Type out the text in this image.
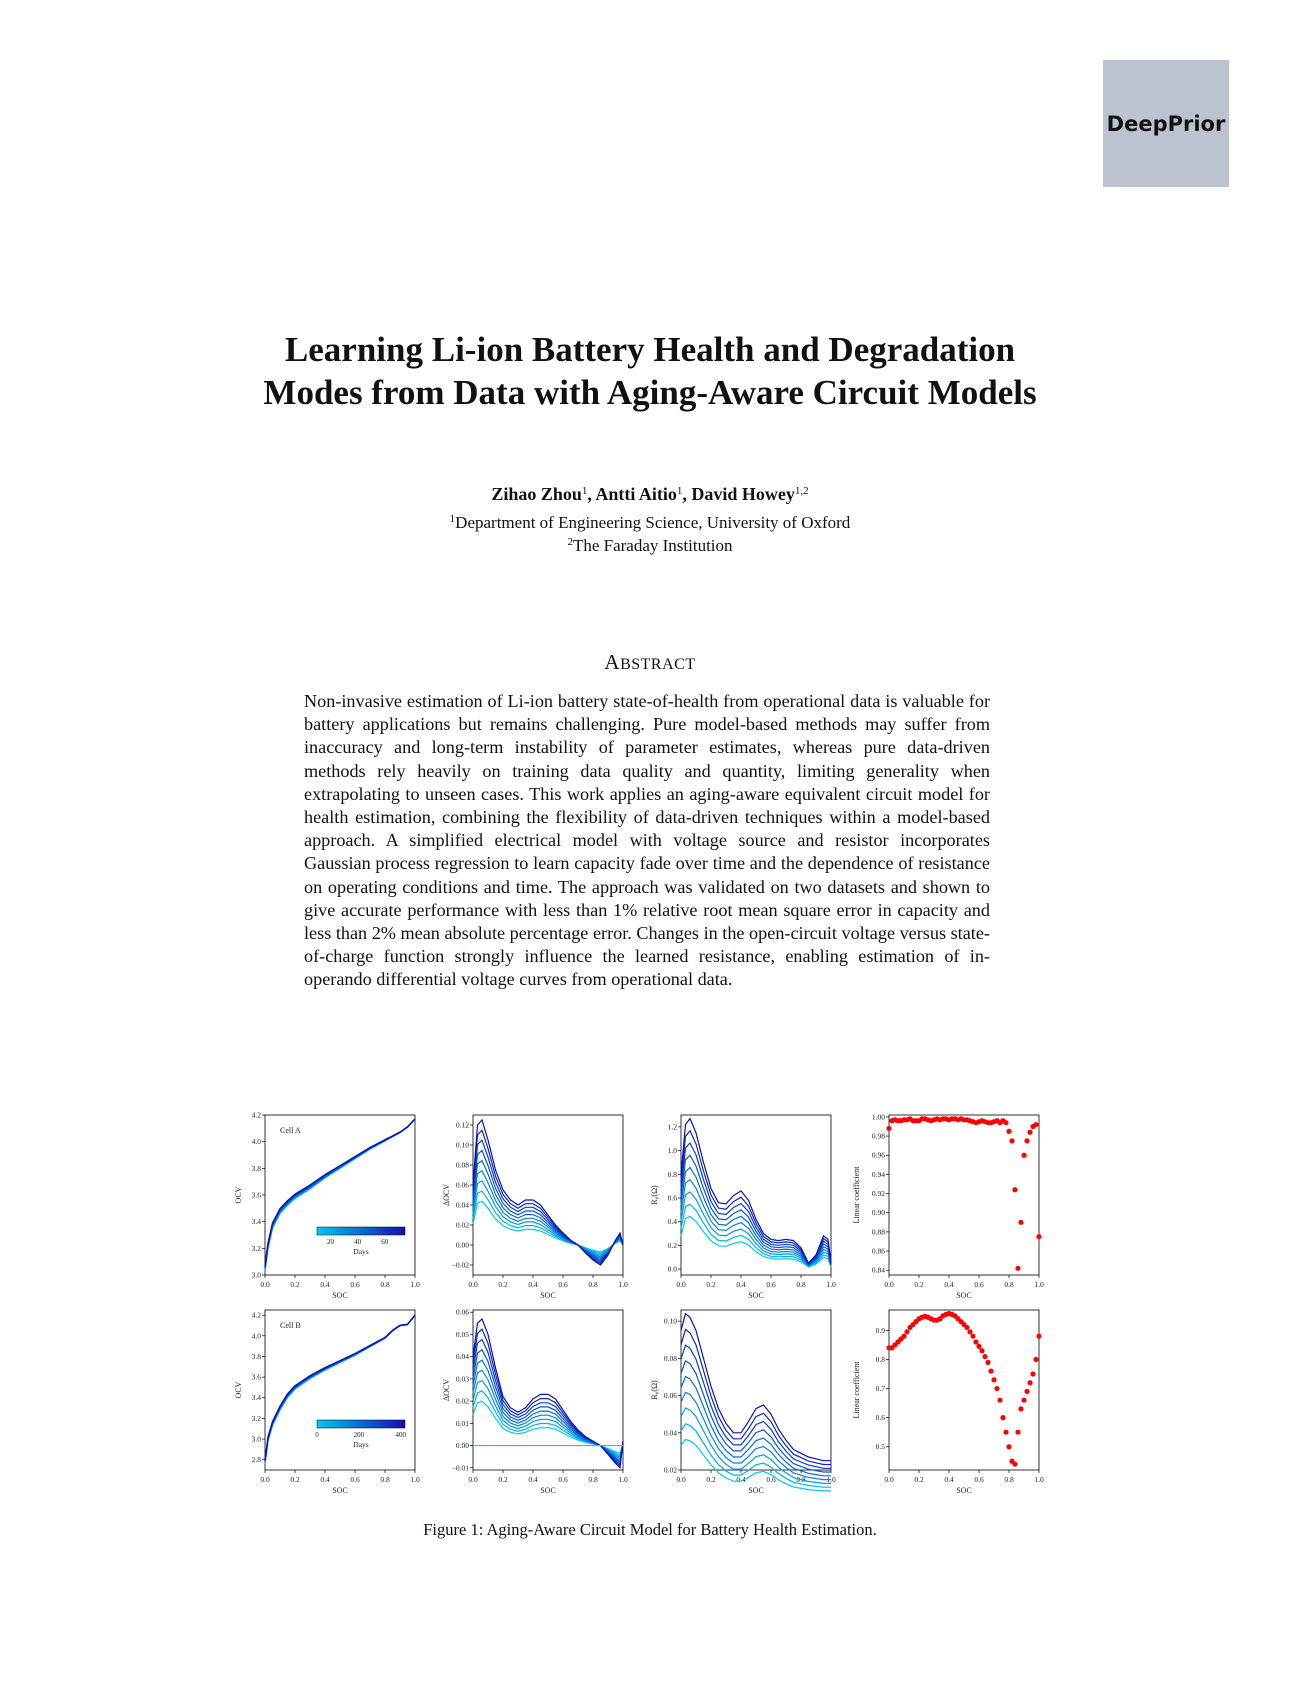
DeepPrior
Learning Li-ion Battery Health and Degradation
Modes from Data with Aging-Aware Circuit Models
Zihao Zhou$^1$, Antti Aitio$^1$, David Howey$^{1,2}$
$^1$Department of Engineering Science, University of Oxford
$^2$The Faraday Institution
ABSTRACT
Non-invasive estimation of Li-ion battery state-of-health from operational data is valuable for battery applications but remains challenging. Pure model-based methods may suffer from inaccuracy and long-term instability of parameter estimates, whereas pure data-driven methods rely heavily on training data quality and quantity, limiting generality when extrapolating to unseen cases. This work applies an aging-aware equivalent circuit model for health estimation, combining the flexibility of data-driven techniques within a model-based approach. A simplified electrical model with voltage source and resistor incorporates Gaussian process regression to learn capacity fade over time and the dependence of resistance on operating conditions and time. The approach was validated on two datasets and shown to give accurate performance with less than 1% relative root mean square error in capacity and less than 2% mean absolute percentage error. Changes in the open-circuit voltage versus state-of-charge function strongly influence the learned resistance, enabling estimation of in-operando differential voltage curves from operational data.
0.0	0.2	0.4	0.6	0.8	1.0
3.0
3.2
3.4
3.6
3.8
4.0
4.2
SOC
OCV
Cell A
20	40	60
Days
0.0	0.2	0.4	0.6	0.8	1.0
−0.02
0.00
0.02
0.04
0.06
0.08
0.10
0.12
SOC
ΔOCV
0.0	0.2	0.4	0.6	0.8	1.0
0.0
0.2
0.4
0.6
0.8
1.0
1.2
SOC
R₀(Ω)
0.0	0.2	0.4	0.6	0.8	1.0
0.84
0.86
0.88
0.90
0.92
0.94
0.96
0.98
1.00
SOC
Linear coefficient
0.0	0.2	0.4	0.6	0.8	1.0
2.8
3.0
3.2
3.4
3.6
3.8
4.0
4.2
SOC
OCV
Cell B
0	200	400
Days
0.0	0.2	0.4	0.6	0.8	1.0
−0.01
0.00
0.01
0.02
0.03
0.04
0.05
0.06
SOC
ΔOCV
0.0	0.2	0.4	0.6	0.8	1.0
0.02
0.04
0.06
0.08
0.10
SOC
R₀(Ω)
0.0	0.2	0.4	0.6	0.8	1.0
0.5
0.6
0.7
0.8
0.9
SOC
Linear coefficient
Figure 1: Aging-Aware Circuit Model for Battery Health Estimation.
